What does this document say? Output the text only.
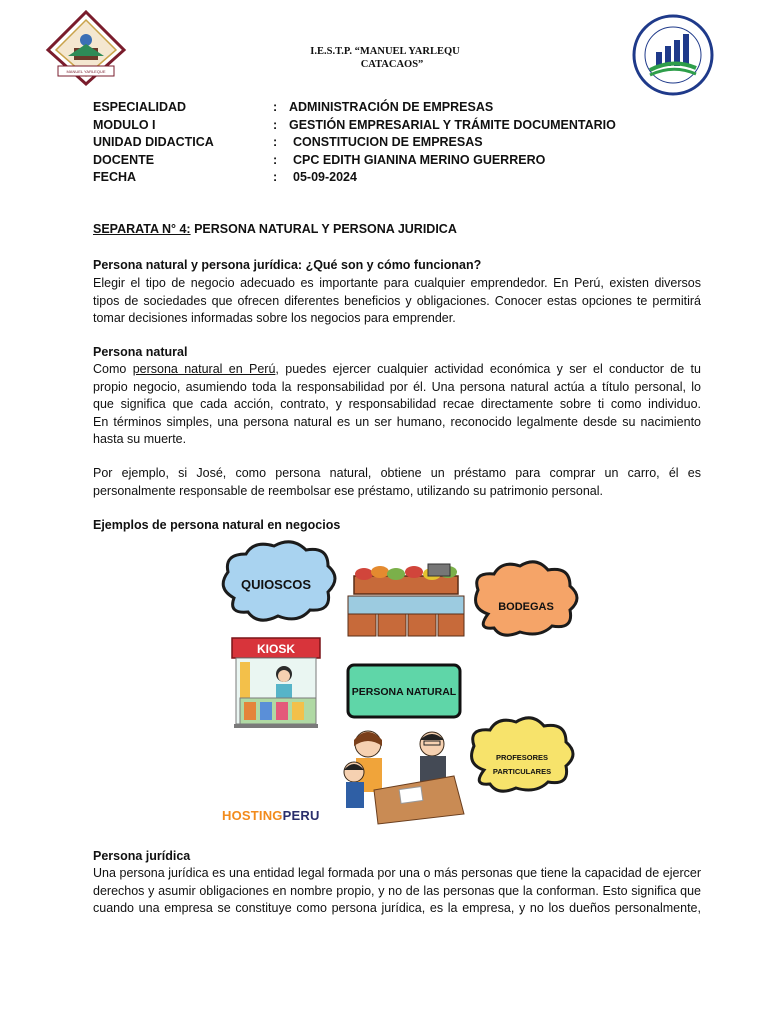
MANUEL YARLEQUE
I.E.S.T.P. “MANUEL YARLEQU
CATACAOS”
ESPECIALIDAD	: ADMINISTRACIÓN DE EMPRESAS
MODULO I	: GESTIÓN EMPRESARIAL Y TRÁMITE DOCUMENTARIO
UNIDAD DIDACTICA	: CONSTITUCION DE EMPRESAS
DOCENTE	: CPC EDITH GIANINA MERINO GUERRERO
FECHA	: 05-09-2024
SEPARATA N° 4: PERSONA NATURAL Y PERSONA JURIDICA
Persona natural y persona jurídica: ¿Qué son y cómo funcionan?
Elegir el tipo de negocio adecuado es importante para cualquier emprendedor. En Perú, existen diversos
tipos de sociedades que ofrecen diferentes beneficios y obligaciones. Conocer estas opciones te permitirá
tomar decisiones informadas sobre los negocios para emprender.
Persona natural
Como persona natural en Perú, puedes ejercer cualquier actividad económica y ser el conductor de tu
propio negocio, asumiendo toda la responsabilidad por él. Una persona natural actúa a título personal, lo
que significa que cada acción, contrato, y responsabilidad recae directamente sobre ti como individuo.
En términos simples, una persona natural es un ser humano, reconocido legalmente desde su nacimiento
hasta su muerte.
Por ejemplo, si José, como persona natural, obtiene un préstamo para comprar un carro, él es
personalmente responsable de reembolsar ese préstamo, utilizando su patrimonio personal.
Ejemplos de persona natural en negocios
QUIOSCOS
BODEGAS
KIOSK
PERSONA NATURAL
PROFESORES
PARTICULARES
HOSTINGPERU
Persona jurídica
Una persona jurídica es una entidad legal formada por una o más personas que tiene la capacidad de ejercer
derechos y asumir obligaciones en nombre propio, y no de las personas que la conforman. Esto significa que
cuando una empresa se constituye como persona jurídica, es la empresa, y no los dueños personalmente,
